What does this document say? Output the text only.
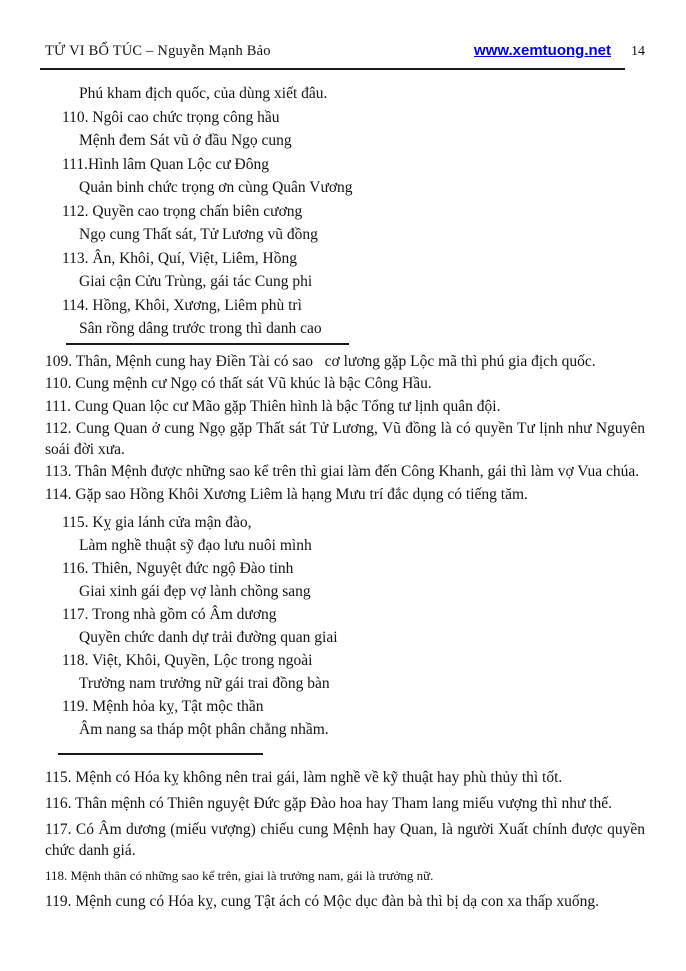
TỬ VI BỔ TÚC – Nguyễn Mạnh Bảo	www.xemtuong.net 14

Phú kham địch quốc, của dùng xiết đâu.

110. Ngôi cao chức trọng công hầu

Mệnh đem Sát vũ ở đầu Ngọ cung

111.Hình lâm Quan Lộc cư Đông

Quản binh chức trọng ơn cùng Quân Vương

112. Quyền cao trọng chấn biên cương

Ngọ cung Thất sát, Tử Lương vũ đồng

113. Ân, Khôi, Quí, Việt, Liêm, Hồng

Giai cận Cửu Trùng, gái tác Cung phi

114. Hồng, Khôi, Xương, Liêm phù trì

Sân rồng dâng trước trong thì danh cao

109. Thân, Mệnh cung hay Điền Tài có sao   cơ lương gặp Lộc mã thì phú gia địch quốc.

110. Cung mệnh cư Ngọ có thất sát Vũ khúc là bậc Công Hầu.

111. Cung Quan lộc cư Mão gặp Thiên hình là bậc Tổng tư lịnh quân đội.

112. Cung Quan ở cung Ngọ gặp Thất sát Tử Lương, Vũ đồng là có quyền Tư lịnh như Nguyên soái đời xưa.

113. Thân Mệnh được những sao kể trên thì giai làm đến Công Khanh, gái thì làm vợ Vua chúa.

114. Gặp sao Hồng Khôi Xương Liêm là hạng Mưu trí đắc dụng có tiếng tăm.

115. Kỵ gia lánh cửa mận đào,

Làm nghề thuật sỹ đạo lưu nuôi mình

116. Thiên, Nguyệt đức ngộ Đào tinh

Giai xinh gái đẹp vợ lành chồng sang

117. Trong nhà gồm có Âm dương

Quyền chức danh dự trải đường quan giai

118. Việt, Khôi, Quyền, Lộc trong ngoài

Trưởng nam trưởng nữ gái trai đồng bàn

119. Mệnh hỏa kỵ, Tật mộc thần

Âm nang sa tháp một phân chẳng nhầm.

115. Mệnh có Hóa kỵ không nên trai gái, làm nghề về kỹ thuật hay phù thủy thì tốt.

116. Thân mệnh có Thiên nguyệt Đức gặp Đào hoa hay Tham lang miếu vượng thì như thế.

117. Có Âm dương (miếu vượng) chiếu cung Mệnh hay Quan, là người Xuất chính được quyền chức danh giá.

118. Mệnh thân có những sao kể trên, giai là trưởng nam, gái là trưởng nữ.

119. Mệnh cung có Hóa kỵ, cung Tật ách có Mộc dục đàn bà thì bị dạ con xa thấp xuống.
